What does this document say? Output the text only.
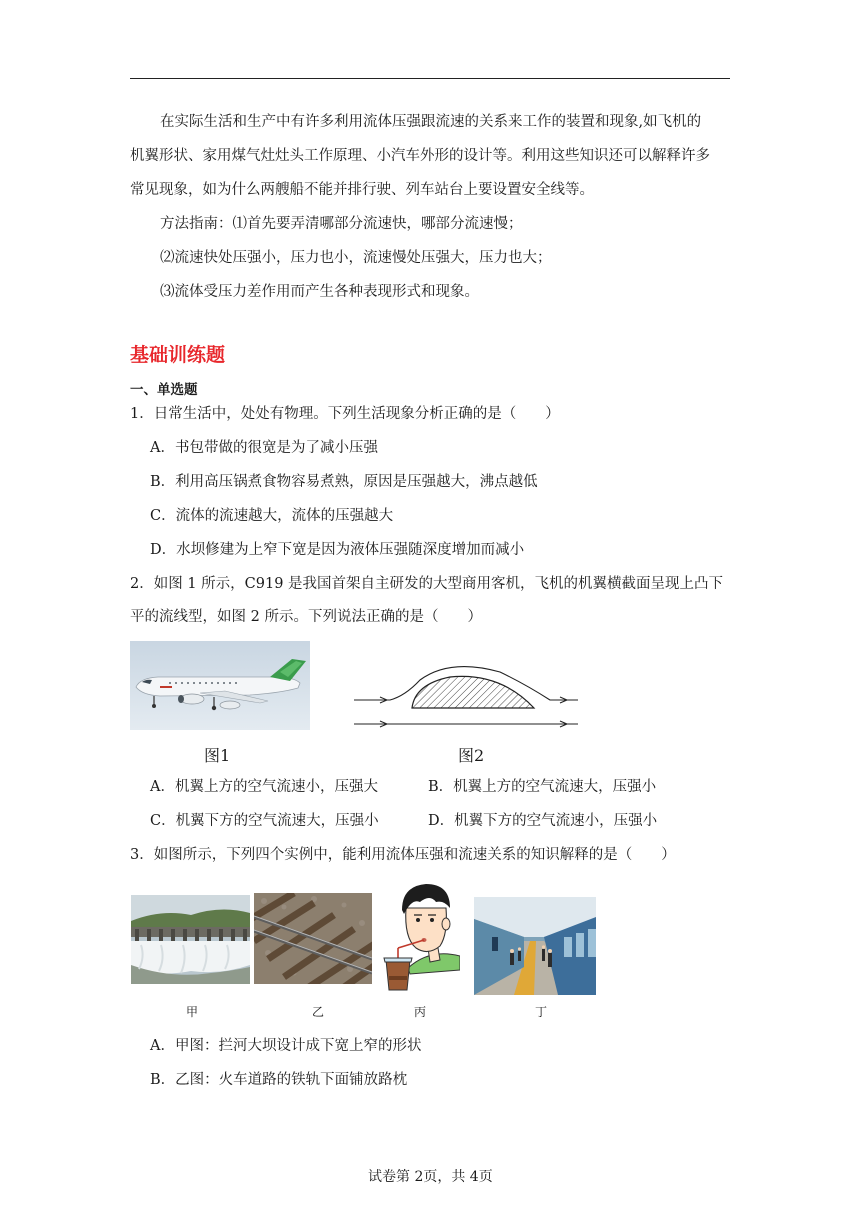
在实际生活和生产中有许多利用流体压强跟流速的关系来工作的装置和现象,如飞机的
机翼形状、家用煤气灶灶头工作原理、小汽车外形的设计等。利用这些知识还可以解释许多
常见现象，如为什么两艘船不能并排行驶、列车站台上要设置安全线等。
方法指南：⑴首先要弄清哪部分流速快，哪部分流速慢；
⑵流速快处压强小，压力也小，流速慢处压强大，压力也大；
⑶流体受压力差作用而产生各种表现形式和现象。
基础训练题
一、单选题
1．日常生活中，处处有物理。下列生活现象分析正确的是（　　）
A．书包带做的很宽是为了减小压强
B．利用高压锅煮食物容易煮熟，原因是压强越大，沸点越低
C．流体的流速越大，流体的压强越大
D．水坝修建为上窄下宽是因为液体压强随深度增加而减小
2．如图 1 所示，C919 是我国首架自主研发的大型商用客机，飞机的机翼横截面呈现上凸下
平的流线型，如图 2 所示。下列说法正确的是（　　）
图1	图2
A．机翼上方的空气流速小，压强大	B．机翼上方的空气流速大，压强小
C．机翼下方的空气流速大，压强小	D．机翼下方的空气流速小，压强小
3．如图所示，下列四个实例中，能利用流体压强和流速关系的知识解释的是（　　）
甲	乙	丙	丁
A．甲图：拦河大坝设计成下宽上窄的形状
B．乙图：火车道路的铁轨下面铺放路枕
试卷第 2页，共 4页
